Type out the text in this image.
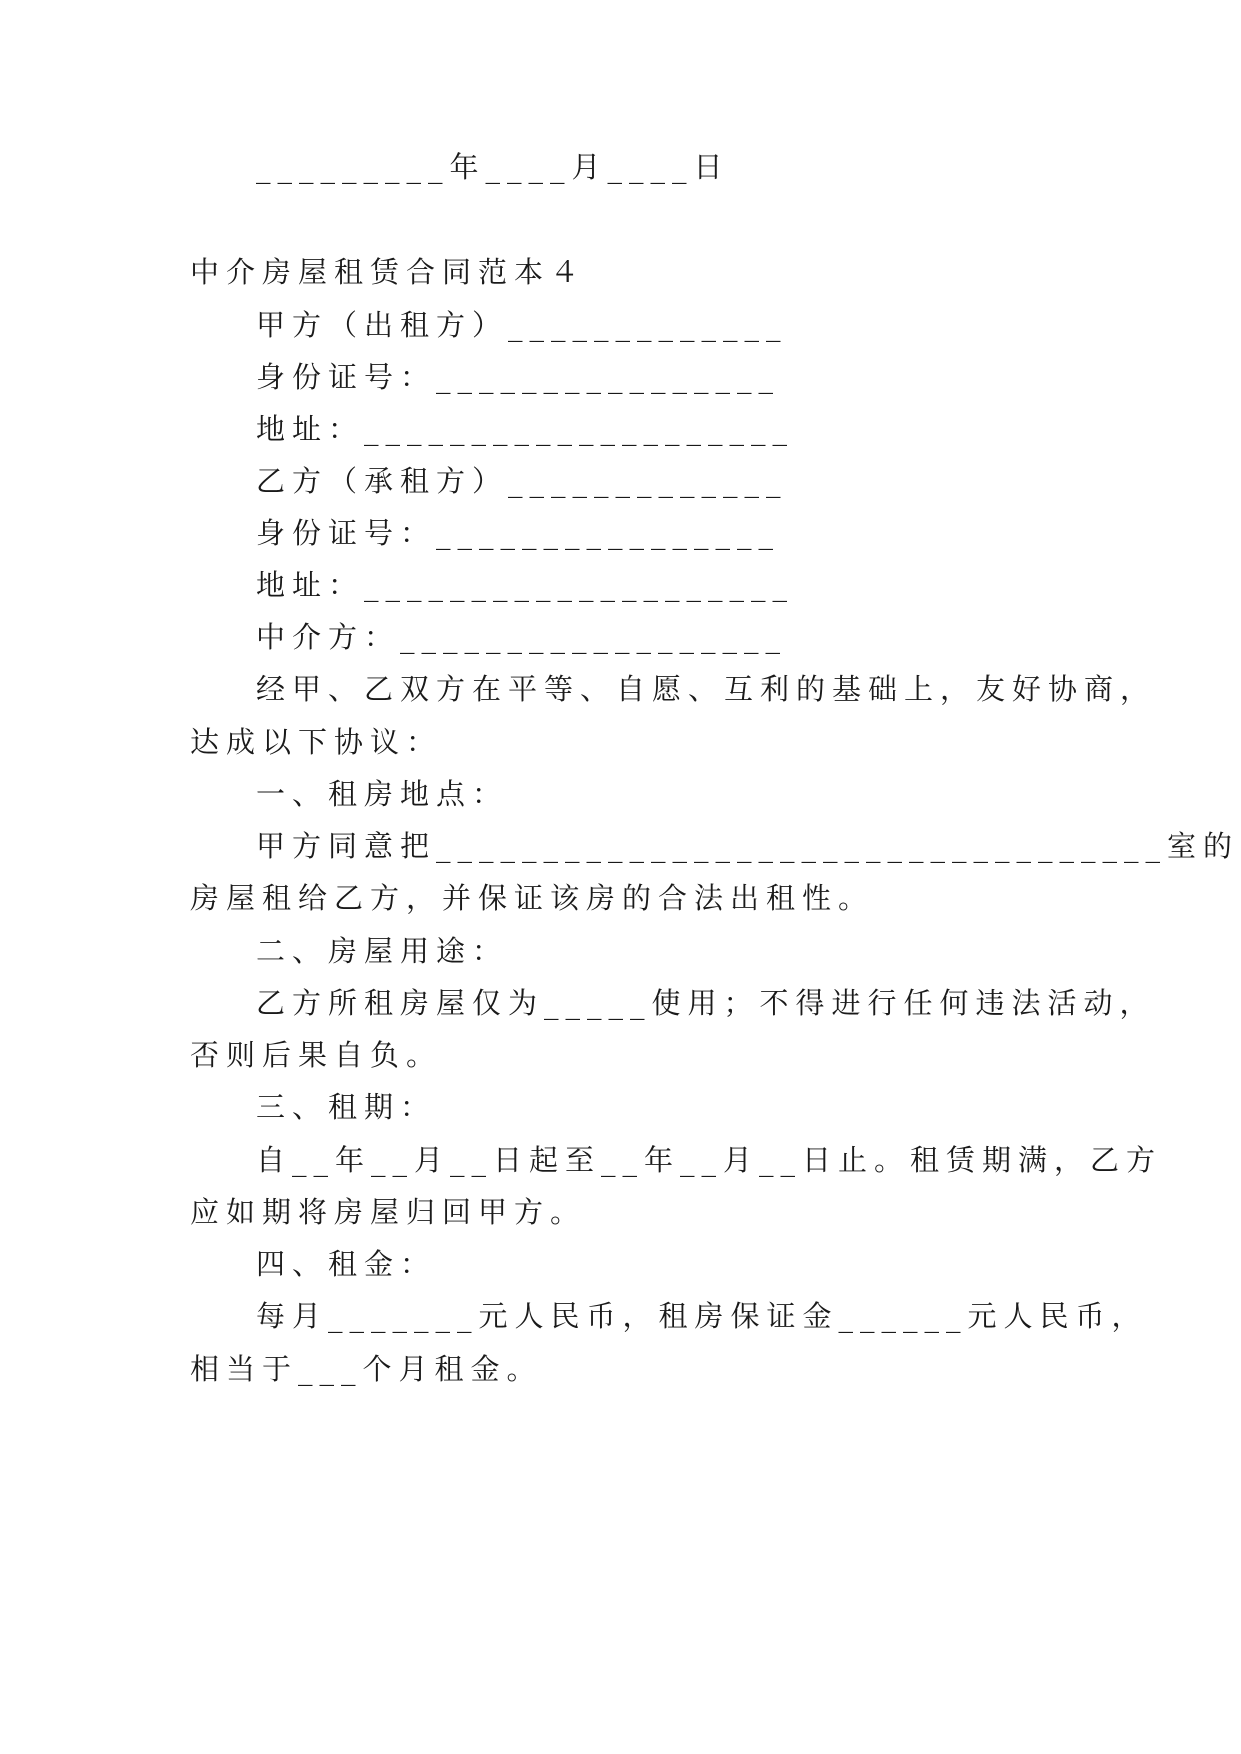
_________年____月____日
中介房屋租赁合同范本４
甲方（出租方）_____________
身份证号：________________
地址：____________________
乙方（承租方）_____________
身份证号：________________
地址：____________________
中介方：__________________
经甲、乙双方在平等、自愿、互利的基础上，友好协商，
达成以下协议：
一、租房地点：
甲方同意把__________________________________室的
房屋租给乙方，并保证该房的合法出租性。
二、房屋用途：
乙方所租房屋仅为_____使用；不得进行任何违法活动，
否则后果自负。
三、租期：
自__年__月__日起至__年__月__日止。租赁期满，乙方
应如期将房屋归回甲方。
四、租金：
每月_______元人民币，租房保证金______元人民币，
相当于___个月租金。
